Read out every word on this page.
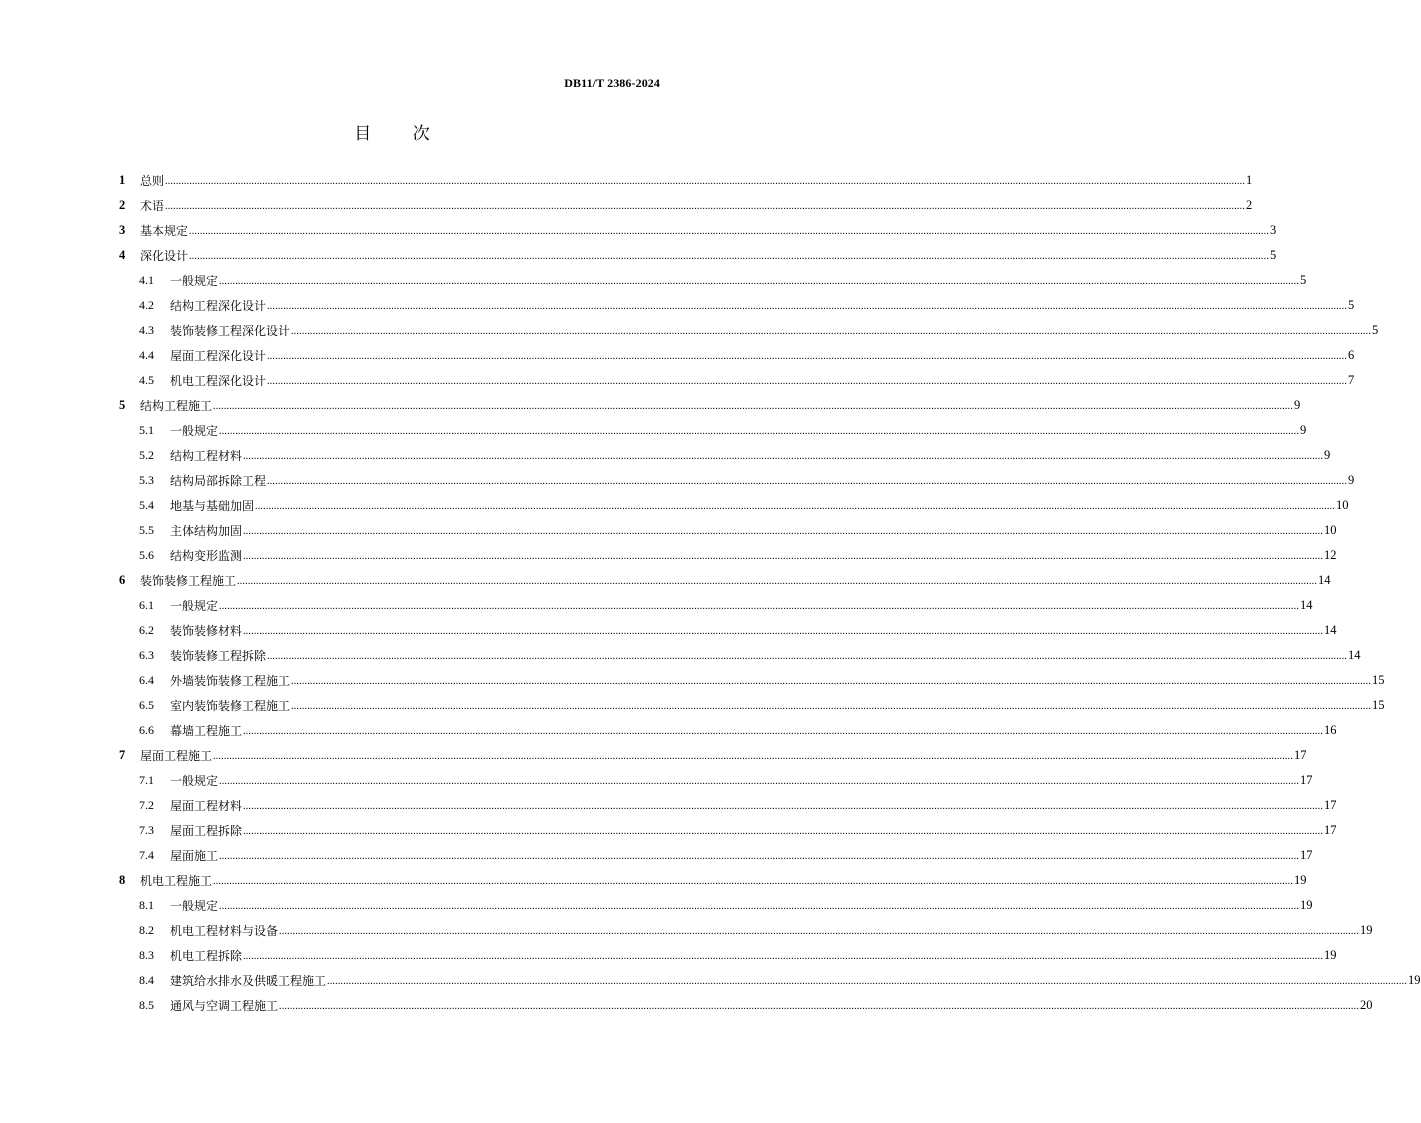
DB11/T 2386-2024
目 次
1	总则 ................................................................................................................................................................................................................................................................................................................................................................................................................ 1
2	术语 ................................................................................................................................................................................................................................................................................................................................................................................................................ 2
3	基本规定 ................................................................................................................................................................................................................................................................................................................................................................................................................ 3
4	深化设计 ................................................................................................................................................................................................................................................................................................................................................................................................................ 5
4.1	一般规定 ................................................................................................................................................................................................................................................................................................................................................................................................................ 5
4.2	结构工程深化设计 ................................................................................................................................................................................................................................................................................................................................................................................................................ 5
4.3	装饰装修工程深化设计 ................................................................................................................................................................................................................................................................................................................................................................................................................ 5
4.4	屋面工程深化设计 ................................................................................................................................................................................................................................................................................................................................................................................................................ 6
4.5	机电工程深化设计 ................................................................................................................................................................................................................................................................................................................................................................................................................ 7
5	结构工程施工 ................................................................................................................................................................................................................................................................................................................................................................................................................ 9
5.1	一般规定 ................................................................................................................................................................................................................................................................................................................................................................................................................ 9
5.2	结构工程材料 ................................................................................................................................................................................................................................................................................................................................................................................................................ 9
5.3	结构局部拆除工程 ................................................................................................................................................................................................................................................................................................................................................................................................................ 9
5.4	地基与基础加固 ................................................................................................................................................................................................................................................................................................................................................................................................................ 10
5.5	主体结构加固 ................................................................................................................................................................................................................................................................................................................................................................................................................ 10
5.6	结构变形监测 ................................................................................................................................................................................................................................................................................................................................................................................................................ 12
6	装饰装修工程施工 ................................................................................................................................................................................................................................................................................................................................................................................................................ 14
6.1	一般规定 ................................................................................................................................................................................................................................................................................................................................................................................................................ 14
6.2	装饰装修材料 ................................................................................................................................................................................................................................................................................................................................................................................................................ 14
6.3	装饰装修工程拆除 ................................................................................................................................................................................................................................................................................................................................................................................................................ 14
6.4	外墙装饰装修工程施工 ................................................................................................................................................................................................................................................................................................................................................................................................................ 15
6.5	室内装饰装修工程施工 ................................................................................................................................................................................................................................................................................................................................................................................................................ 15
6.6	幕墙工程施工 ................................................................................................................................................................................................................................................................................................................................................................................................................ 16
7	屋面工程施工 ................................................................................................................................................................................................................................................................................................................................................................................................................ 17
7.1	一般规定 ................................................................................................................................................................................................................................................................................................................................................................................................................ 17
7.2	屋面工程材料 ................................................................................................................................................................................................................................................................................................................................................................................................................ 17
7.3	屋面工程拆除 ................................................................................................................................................................................................................................................................................................................................................................................................................ 17
7.4	屋面施工 ................................................................................................................................................................................................................................................................................................................................................................................................................ 17
8	机电工程施工 ................................................................................................................................................................................................................................................................................................................................................................................................................ 19
8.1	一般规定 ................................................................................................................................................................................................................................................................................................................................................................................................................ 19
8.2	机电工程材料与设备 ................................................................................................................................................................................................................................................................................................................................................................................................................ 19
8.3	机电工程拆除 ................................................................................................................................................................................................................................................................................................................................................................................................................ 19
8.4	建筑给水排水及供暖工程施工 ................................................................................................................................................................................................................................................................................................................................................................................................................ 19
8.5	通风与空调工程施工 ................................................................................................................................................................................................................................................................................................................................................................................................................ 20
